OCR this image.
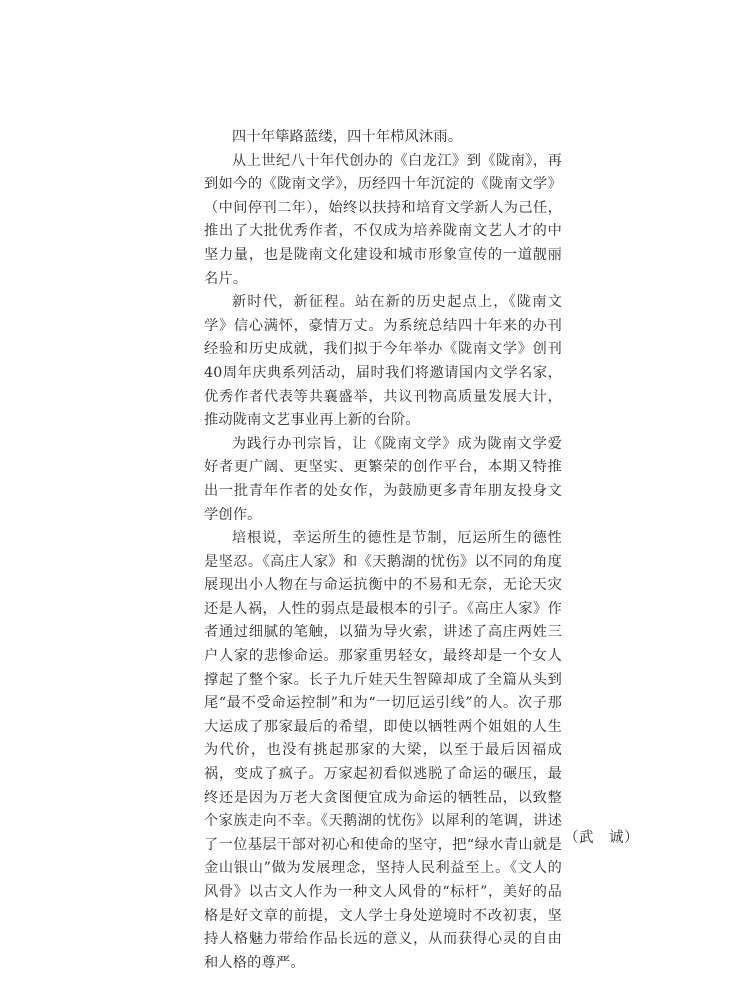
四十年筚路蓝缕，四十年栉风沐雨。

从上世纪八十年代创办的《白龙江》到《陇南》，再到如今的《陇南文学》，历经四十年沉淀的《陇南文学》（中间停刊二年），始终以扶持和培育文学新人为己任，推出了大批优秀作者，不仅成为培养陇南文艺人才的中坚力量，也是陇南文化建设和城市形象宣传的一道靓丽名片。

新时代，新征程。站在新的历史起点上，《陇南文学》信心满怀，豪情万丈。为系统总结四十年来的办刊经验和历史成就，我们拟于今年举办《陇南文学》创刊40周年庆典系列活动，届时我们将邀请国内文学名家，优秀作者代表等共襄盛举，共议刊物高质量发展大计，推动陇南文艺事业再上新的台阶。

为践行办刊宗旨，让《陇南文学》成为陇南文学爱好者更广阔、更坚实、更繁荣的创作平台，本期又特推出一批青年作者的处女作，为鼓励更多青年朋友投身文学创作。

培根说，幸运所生的德性是节制，厄运所生的德性是坚忍。《高庄人家》和《天鹅湖的忧伤》以不同的角度展现出小人物在与命运抗衡中的不易和无奈，无论天灾还是人祸，人性的弱点是最根本的引子。《高庄人家》作者通过细腻的笔触，以猫为导火索，讲述了高庄两姓三户人家的悲惨命运。那家重男轻女，最终却是一个女人撑起了整个家。长子九斤娃天生智障却成了全篇从头到尾“最不受命运控制”和为“一切厄运引线”的人。次子那大运成了那家最后的希望，即使以牺牲两个姐姐的人生为代价，也没有挑起那家的大梁，以至于最后因福成祸，变成了疯子。万家起初看似逃脱了命运的碾压，最终还是因为万老大贪图便宜成为命运的牺牲品，以致整个家族走向不幸。《天鹅湖的忧伤》以犀利的笔调，讲述了一位基层干部对初心和使命的坚守，把“绿水青山就是金山银山”做为发展理念，坚持人民利益至上。《文人的风骨》以古文人作为一种文人风骨的“标杆”，美好的品格是好文章的前提，文人学士身处逆境时不改初衷，坚持人格魅力带给作品长远的意义，从而获得心灵的自由和人格的尊严。

（武　诚）
